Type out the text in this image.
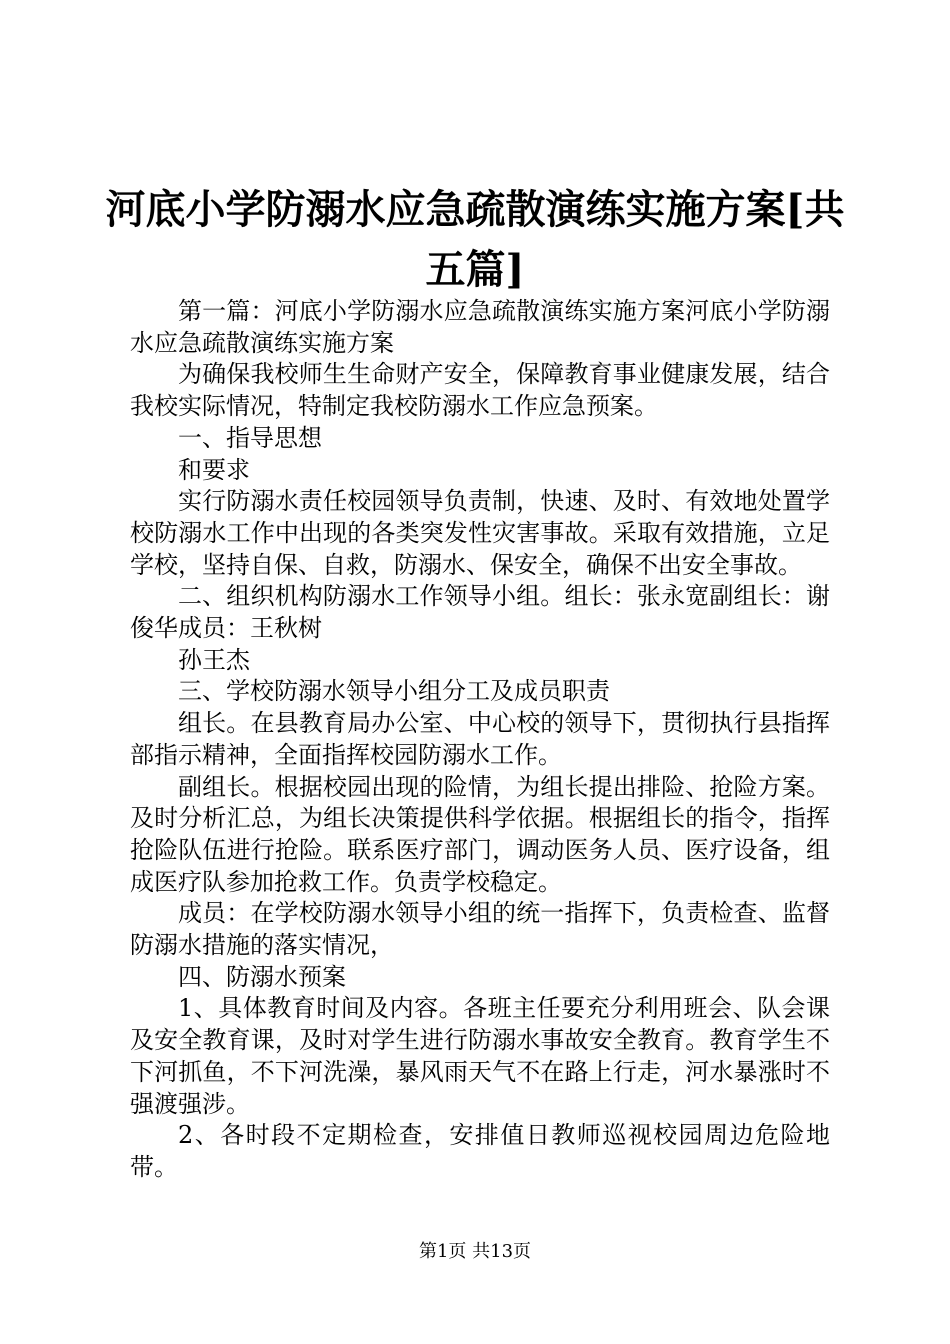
河底小学防溺水应急疏散演练实施方案[共五篇]

第一篇：河底小学防溺水应急疏散演练实施方案河底小学防溺水应急疏散演练实施方案

为确保我校师生生命财产安全，保障教育事业健康发展，结合我校实际情况，特制定我校防溺水工作应急预案。

一、指导思想

和要求

实行防溺水责任校园领导负责制，快速、及时、有效地处置学校防溺水工作中出现的各类突发性灾害事故。采取有效措施，立足学校，坚持自保、自救，防溺水、保安全，确保不出安全事故。

二、组织机构防溺水工作领导小组。组长：张永宽副组长：谢俊华成员：王秋树

孙王杰

三、学校防溺水领导小组分工及成员职责

组长。在县教育局办公室、中心校的领导下，贯彻执行县指挥部指示精神，全面指挥校园防溺水工作。

副组长。根据校园出现的险情，为组长提出排险、抢险方案。及时分析汇总，为组长决策提供科学依据。根据组长的指令，指挥抢险队伍进行抢险。联系医疗部门，调动医务人员、医疗设备，组成医疗队参加抢救工作。负责学校稳定。

成员：在学校防溺水领导小组的统一指挥下，负责检查、监督防溺水措施的落实情况，

四、防溺水预案

1、具体教育时间及内容。各班主任要充分利用班会、队会课及安全教育课，及时对学生进行防溺水事故安全教育。教育学生不下河抓鱼，不下河洗澡，暴风雨天气不在路上行走，河水暴涨时不强渡强涉。

2、各时段不定期检查，安排值日教师巡视校园周边危险地带。

第1页 共13页
